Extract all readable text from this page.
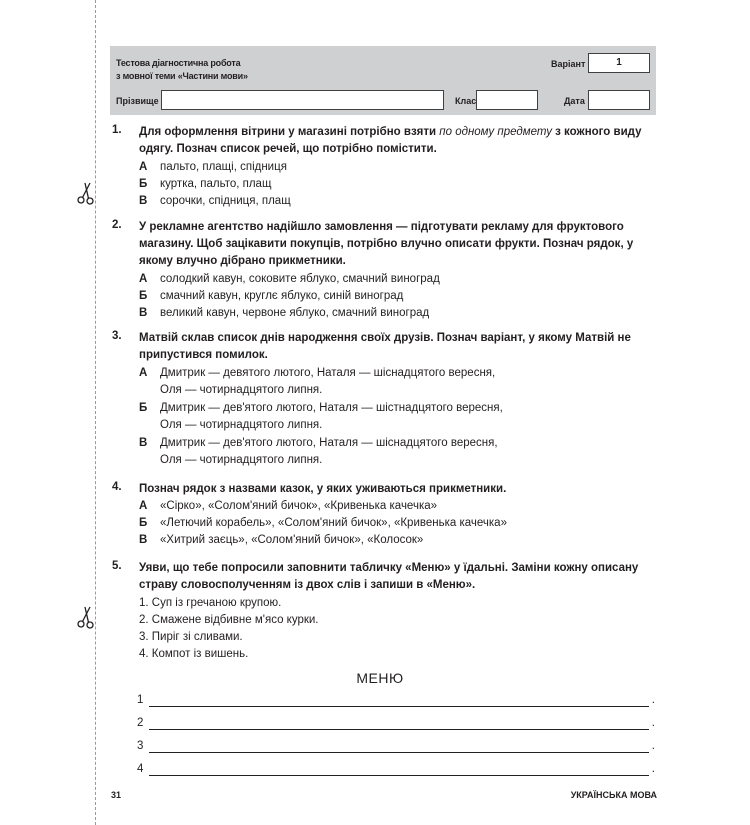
Тестова діагностична робота
з мовної теми «Частини мови»
Варіант	1
Прізвище	Клас	Дата
1. Для оформлення вітрини у магазині потрібно взяти по одному предмету з кожного виду одягу. Познач список речей, що потрібно помістити.
А пальто, плащі, спідниця
Б куртка, пальто, плащ
В сорочки, спідниця, плащ
2. У рекламне агентство надійшло замовлення — підготувати рекламу для фруктового магазину. Щоб зацікавити покупців, потрібно влучно описати фрукти. Познач рядок, у якому влучно дібрано прикметники.
А солодкий кавун, соковите яблуко, смачний виноград
Б смачний кавун, круглє яблуко, синій виноград
В великий кавун, червоне яблуко, смачний виноград
3. Матвій склав список днів народження своїх друзів. Познач варіант, у якому Матвій не припустився помилок.
А Дмитрик — девятого лютого, Наталя — шіснадцятого вересня,
Оля — чотирнадцятого липня.
Б Дмитрик — дев'ятого лютого, Наталя — шістнадцятого вересня,
Оля — чотирнадцятого липня.
В Дмитрик — дев'ятого лютого, Наталя — шіснадцятого вересня,
Оля — чотирнадцятого липня.
4. Познач рядок з назвами казок, у яких уживаються прикметники.
А «Сірко», «Солом'яний бичок», «Кривенька качечка»
Б «Летючий корабель», «Солом'яний бичок», «Кривенька качечка»
В «Хитрий заєць», «Солом'яний бичок», «Колосок»
5. Уяви, що тебе попросили заповнити табличку «Меню» у їдальні. Заміни кожну описану страву словосполученням із двох слів і запиши в «Меню».
1. Суп із гречаною крупою.
2. Смажене відбивне м'ясо курки.
3. Пиріг зі сливами.
4. Компот із вишень.
МЕНЮ
1	.
2	.
3	.
4	.
31	УКРАЇНСЬКА МОВА
